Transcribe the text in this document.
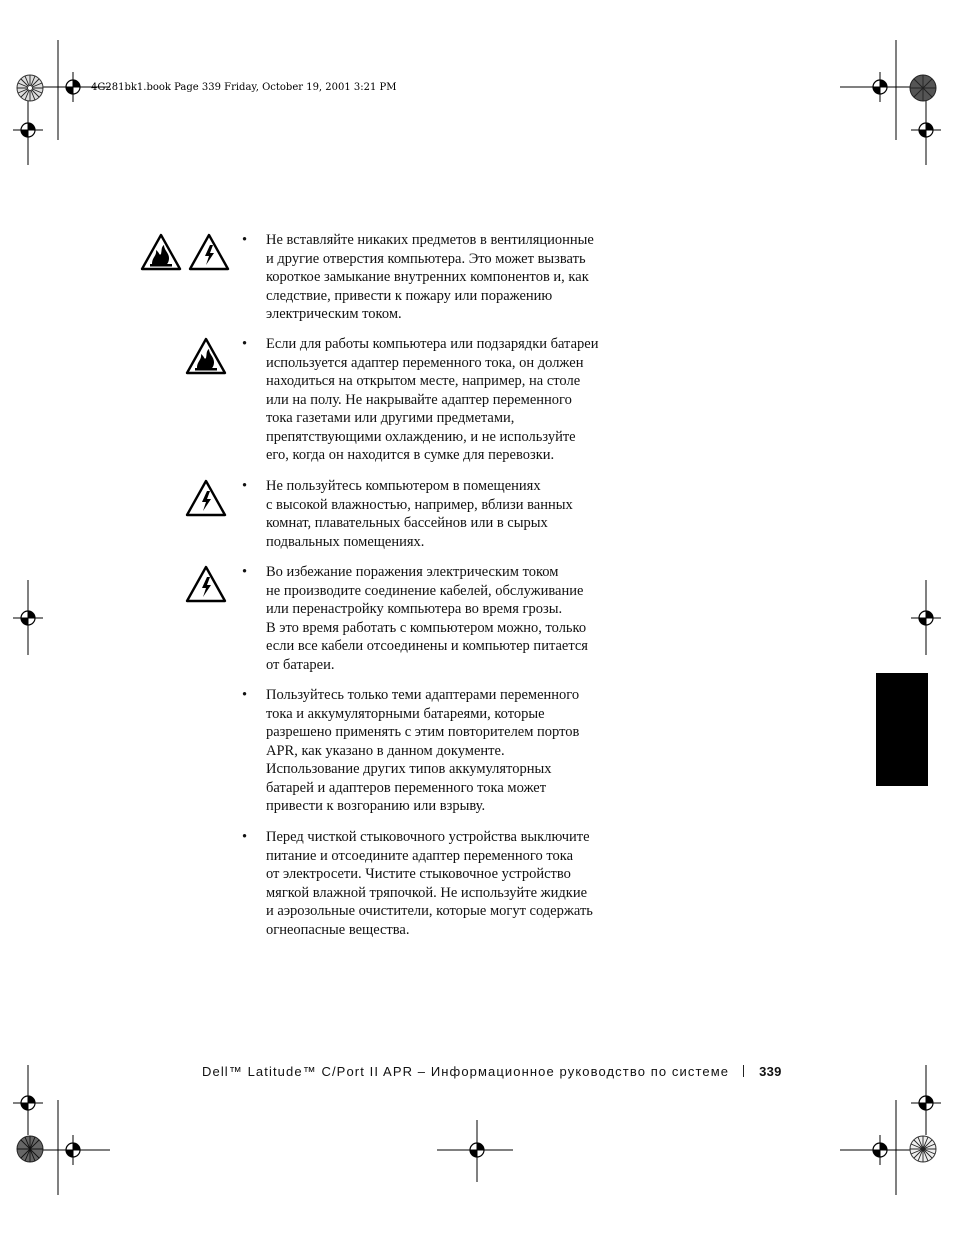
4G281bk1.book Page 339 Friday, October 19, 2001 3:21 PM
• Не вставляйте никаких предметов в вентиляционные
и другие отверстия компьютера. Это может вызвать
короткое замыкание внутренних компонентов и, как
следствие, привести к пожару или поражению
электрическим током.
• Если для работы компьютера или подзарядки батареи
используется адаптер переменного тока, он должен
находиться на открытом месте, например, на столе
или на полу. Не накрывайте адаптер переменного
тока газетами или другими предметами,
препятствующими охлаждению, и не используйте
его, когда он находится в сумке для перевозки.
• Не пользуйтесь компьютером в помещениях
с высокой влажностью, например, вблизи ванных
комнат, плавательных бассейнов или в сырых
подвальных помещениях.
• Во избежание поражения электрическим током
не производите соединение кабелей, обслуживание
или перенастройку компьютера во время грозы.
В это время работать с компьютером можно, только
если все кабели отсоединены и компьютер питается
от батареи.
• Пользуйтесь только теми адаптерами переменного
тока и аккумуляторными батареями, которые
разрешено применять с этим повторителем портов
APR, как указано в данном документе.
Использование других типов аккумуляторных
батарей и адаптеров переменного тока может
привести к возгоранию или взрыву.
• Перед чисткой стыковочного устройства выключите
питание и отсоедините адаптер переменного тока
от электросети. Чистите стыковочное устройство
мягкой влажной тряпочкой. Не используйте жидкие
и аэрозольные очистители, которые могут содержать
огнеопасные вещества.
Dell™ Latitude™ C/Port II APR – Информационное руководство по системе 339
